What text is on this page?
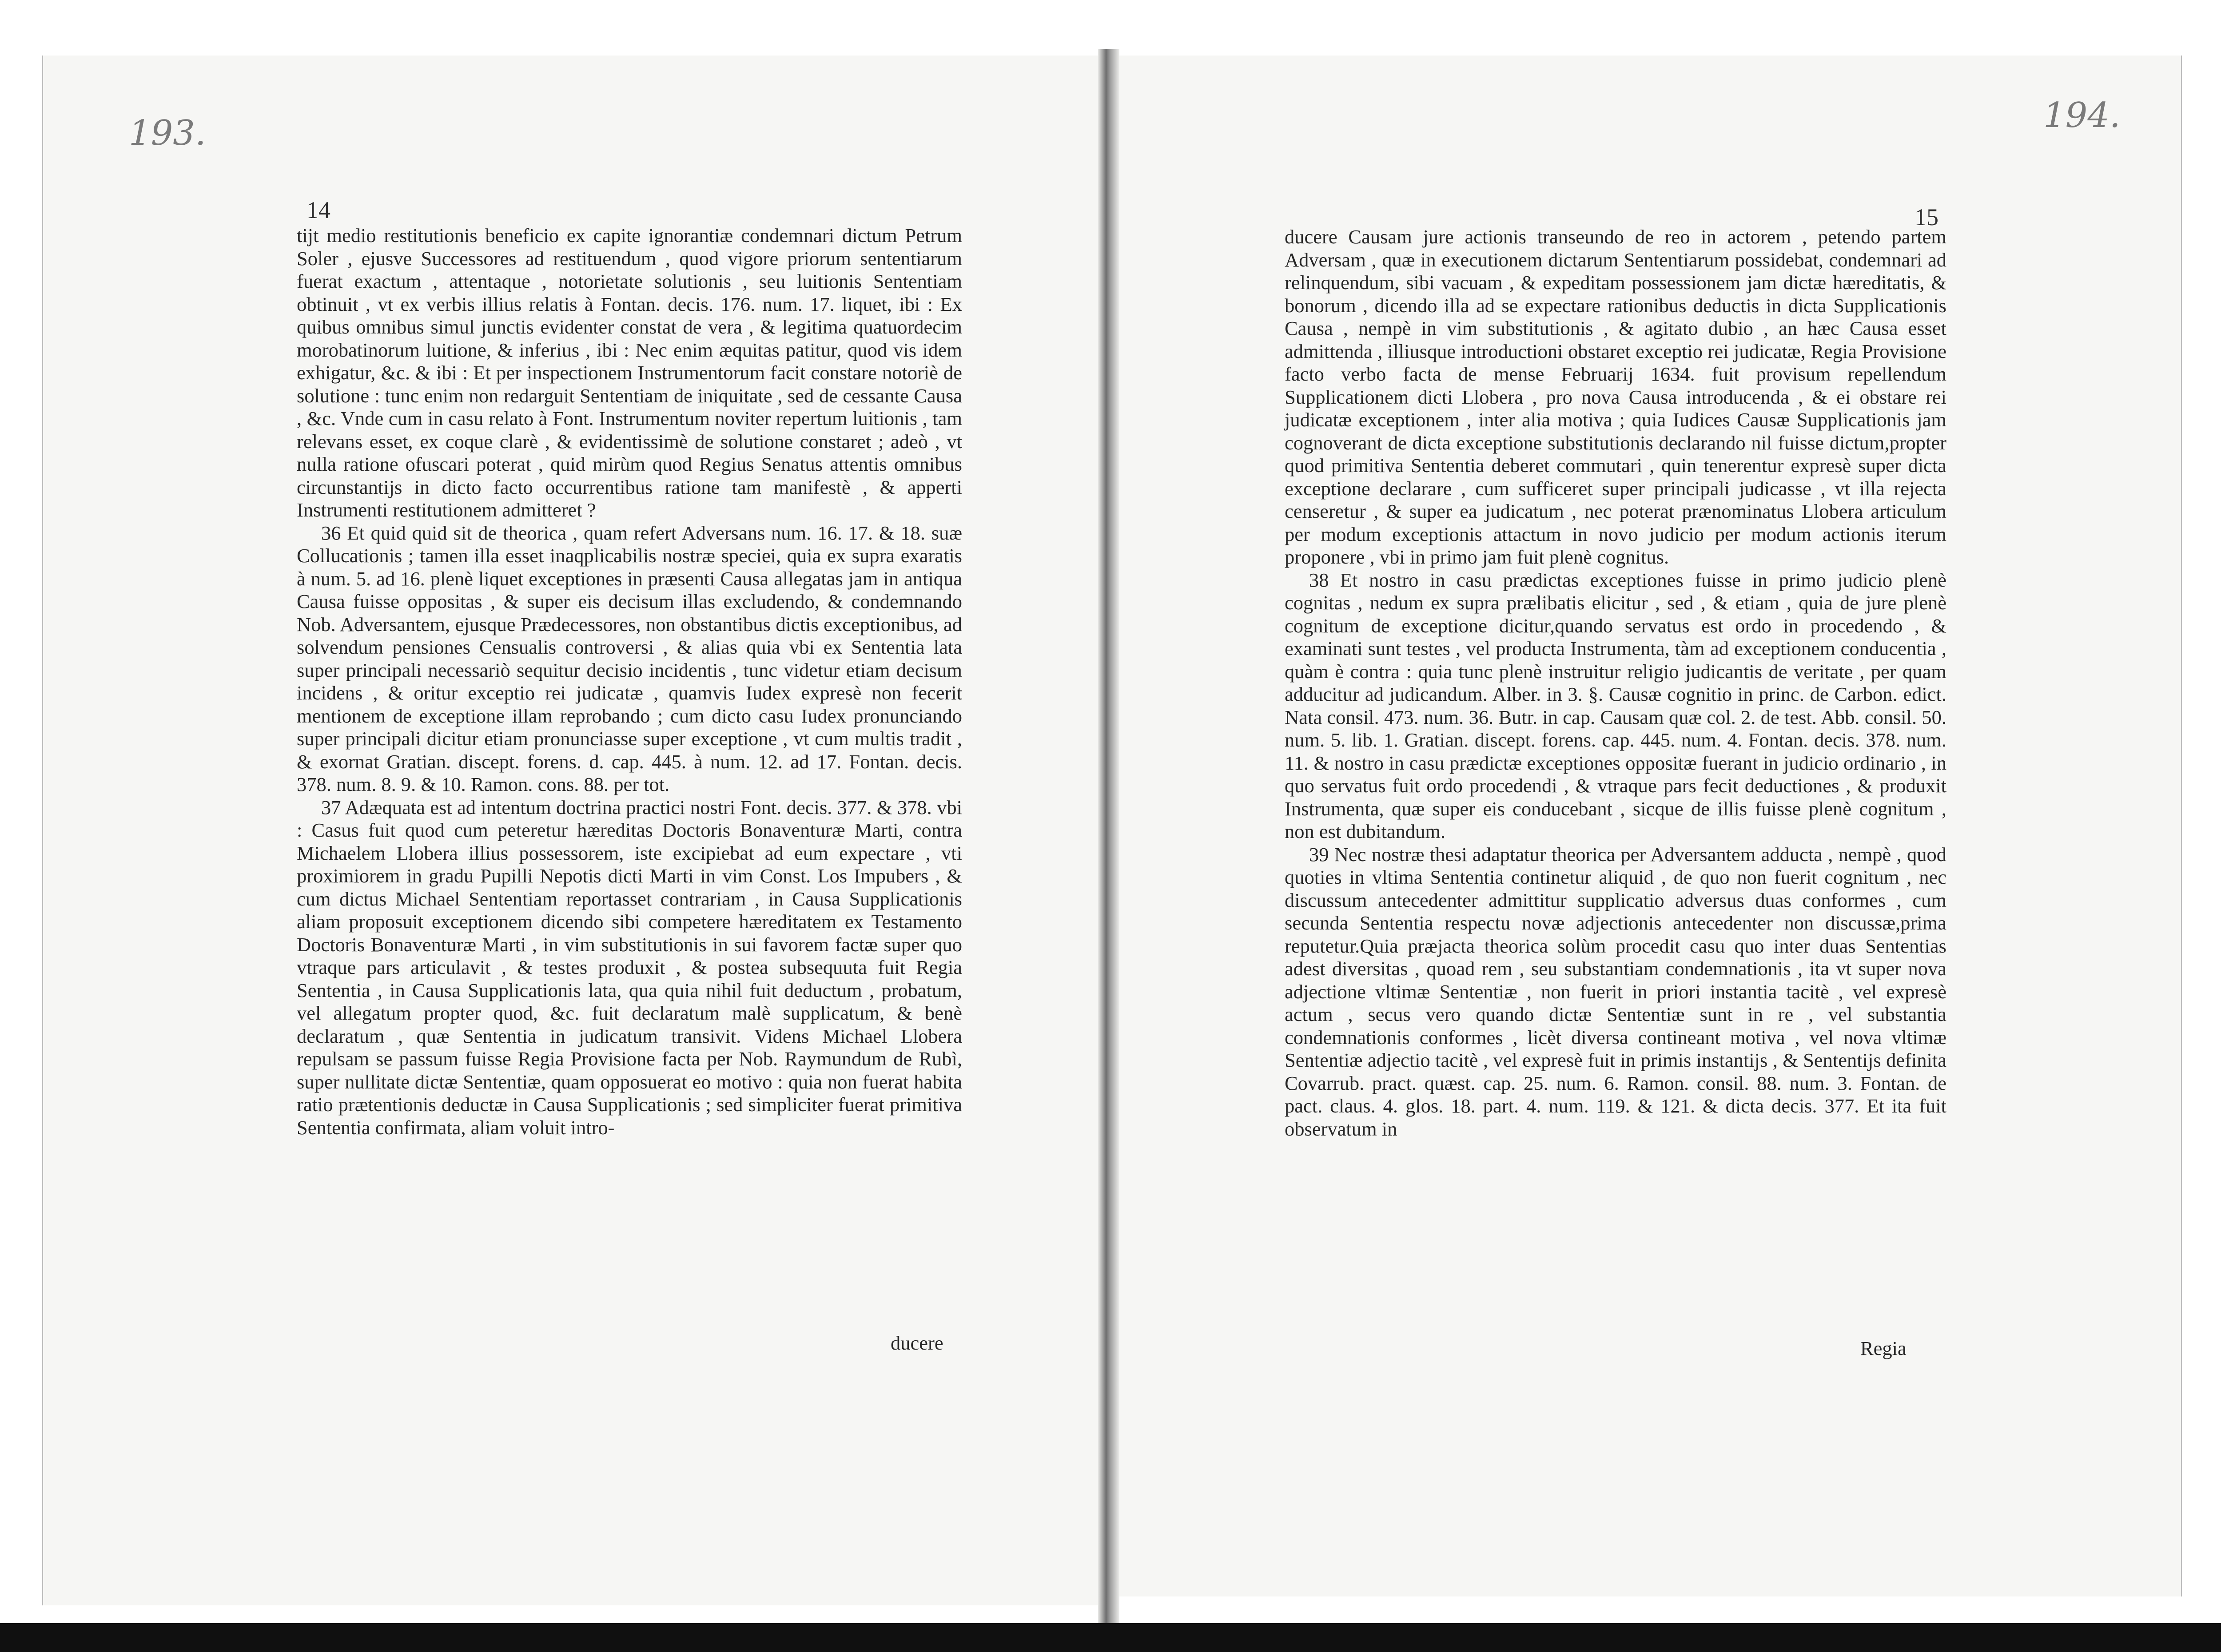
193.	194.
14	15

tijt medio restitutionis beneficio ex capite ignorantiæ condemnari dictum Petrum Soler , ejusve Successores ad restituendum , quod vigore priorum sententiarum fuerat exactum , attentaque , notorietate solutionis , seu luitionis Sententiam obtinuit , vt ex verbis illius relatis à Fontan. decis. 176. num. 17. liquet, ibi : Ex quibus omnibus simul junctis evidenter constat de vera , & legitima quatuordecim morobatinorum luitione, & inferius , ibi : Nec enim æquitas patitur, quod vis idem exhigatur, &c. & ibi : Et per inspectionem Instrumentorum facit constare notoriè de solutione : tunc enim non redarguit Sententiam de iniquitate , sed de cessante Causa , &c. Vnde cum in casu relato à Font. Instrumentum noviter repertum luitionis , tam relevans esset, ex coque clarè , & evidentissimè de solutione constaret ; adeò , vt nulla ratione ofuscari poterat , quid mirùm quod Regius Senatus attentis omnibus circunstantijs in dicto facto occurrentibus ratione tam manifestè , & apperti Instrumenti restitutionem admitteret ?

36 Et quid quid sit de theorica , quam refert Adversans num. 16. 17. & 18. suæ Collucationis ; tamen illa esset inaqplicabilis nostræ speciei, quia ex supra exaratis à num. 5. ad 16. plenè liquet exceptiones in præsenti Causa allegatas jam in antiqua Causa fuisse oppositas , & super eis decisum illas excludendo, & condemnando Nob. Adversantem, ejusque Prædecessores, non obstantibus dictis exceptionibus, ad solvendum pensiones Censualis controversi , & alias quia vbi ex Sententia lata super principali necessariò sequitur decisio incidentis , tunc videtur etiam decisum incidens , & oritur exceptio rei judicatæ , quamvis Iudex expresè non fecerit mentionem de exceptione illam reprobando ; cum dicto casu Iudex pronunciando super principali dicitur etiam pronunciasse super exceptione , vt cum multis tradit , & exornat Gratian. discept. forens. d. cap. 445. à num. 12. ad 17. Fontan. decis. 378. num. 8. 9. & 10. Ramon. cons. 88. per tot.

37 Adæquata est ad intentum doctrina practici nostri Font. decis. 377. & 378. vbi : Casus fuit quod cum peteretur hæreditas Doctoris Bonaventuræ Marti, contra Michaelem Llobera illius possessorem, iste excipiebat ad eum expectare , vti proximiorem in gradu Pupilli Nepotis dicti Marti in vim Const. Los Impubers , & cum dictus Michael Sententiam reportasset contrariam , in Causa Supplicationis aliam proposuit exceptionem dicendo sibi competere hæreditatem ex Testamento Doctoris Bonaventuræ Marti , in vim substitutionis in sui favorem factæ super quo vtraque pars articulavit , & testes produxit , & postea subsequuta fuit Regia Sententia , in Causa Supplicationis lata, qua quia nihil fuit deductum , probatum, vel allegatum propter quod, &c. fuit declaratum malè supplicatum, & benè declaratum , quæ Sententia in judicatum transivit. Videns Michael Llobera repulsam se passum fuisse Regia Provisione facta per Nob. Raymundum de Rubì, super nullitate dictæ Sententiæ, quam opposuerat eo motivo : quia non fuerat habita ratio prætentionis deductæ in Causa Supplicationis ; sed simpliciter fuerat primitiva Sententia confirmata, aliam voluit intro-

ducere

ducere Causam jure actionis transeundo de reo in actorem , petendo partem Adversam , quæ in executionem dictarum Sententiarum possidebat, condemnari ad relinquendum, sibi vacuam , & expeditam possessionem jam dictæ hæreditatis, & bonorum , dicendo illa ad se expectare rationibus deductis in dicta Supplicationis Causa , nempè in vim substitutionis , & agitato dubio , an hæc Causa esset admittenda , illiusque introductioni obstaret exceptio rei judicatæ, Regia Provisione facto verbo facta de mense Februarij 1634. fuit provisum repellendum Supplicationem dicti Llobera , pro nova Causa introducenda , & ei obstare rei judicatæ exceptionem , inter alia motiva ; quia Iudices Causæ Supplicationis jam cognoverant de dicta exceptione substitutionis declarando nil fuisse dictum,propter quod primitiva Sententia deberet commutari , quin tenerentur expresè super dicta exceptione declarare , cum sufficeret super principali judicasse , vt illa rejecta censeretur , & super ea judicatum , nec poterat prænominatus Llobera articulum per modum exceptionis attactum in novo judicio per modum actionis iterum proponere , vbi in primo jam fuit plenè cognitus.

38 Et nostro in casu prædictas exceptiones fuisse in primo judicio plenè cognitas , nedum ex supra prælibatis elicitur , sed , & etiam , quia de jure plenè cognitum de exceptione dicitur,quando servatus est ordo in procedendo , & examinati sunt testes , vel producta Instrumenta, tàm ad exceptionem conducentia , quàm è contra : quia tunc plenè instruitur religio judicantis de veritate , per quam adducitur ad judicandum. Alber. in 3. §. Causæ cognitio in princ. de Carbon. edict. Nata consil. 473. num. 36. Butr. in cap. Causam quæ col. 2. de test. Abb. consil. 50. num. 5. lib. 1. Gratian. discept. forens. cap. 445. num. 4. Fontan. decis. 378. num. 11. & nostro in casu prædictæ exceptiones oppositæ fuerant in judicio ordinario , in quo servatus fuit ordo procedendi , & vtraque pars fecit deductiones , & produxit Instrumenta, quæ super eis conducebant , sicque de illis fuisse plenè cognitum , non est dubitandum.

39 Nec nostræ thesi adaptatur theorica per Adversantem adducta , nempè , quod quoties in vltima Sententia continetur aliquid , de quo non fuerit cognitum , nec discussum antecedenter admittitur supplicatio adversus duas conformes , cum secunda Sententia respectu novæ adjectionis antecedenter non discussæ,prima reputetur.Quia præjacta theorica solùm procedit casu quo inter duas Sententias adest diversitas , quoad rem , seu substantiam condemnationis , ita vt super nova adjectione vltimæ Sententiæ , non fuerit in priori instantia tacitè , vel expresè actum , secus vero quando dictæ Sententiæ sunt in re , vel substantia condemnationis conformes , licèt diversa contineant motiva , vel nova vltimæ Sententiæ adjectio tacitè , vel expresè fuit in primis instantijs , & Sententijs definita Covarrub. pract. quæst. cap. 25. num. 6. Ramon. consil. 88. num. 3. Fontan. de pact. claus. 4. glos. 18. part. 4. num. 119. & 121. & dicta decis. 377. Et ita fuit observatum in

Regia
